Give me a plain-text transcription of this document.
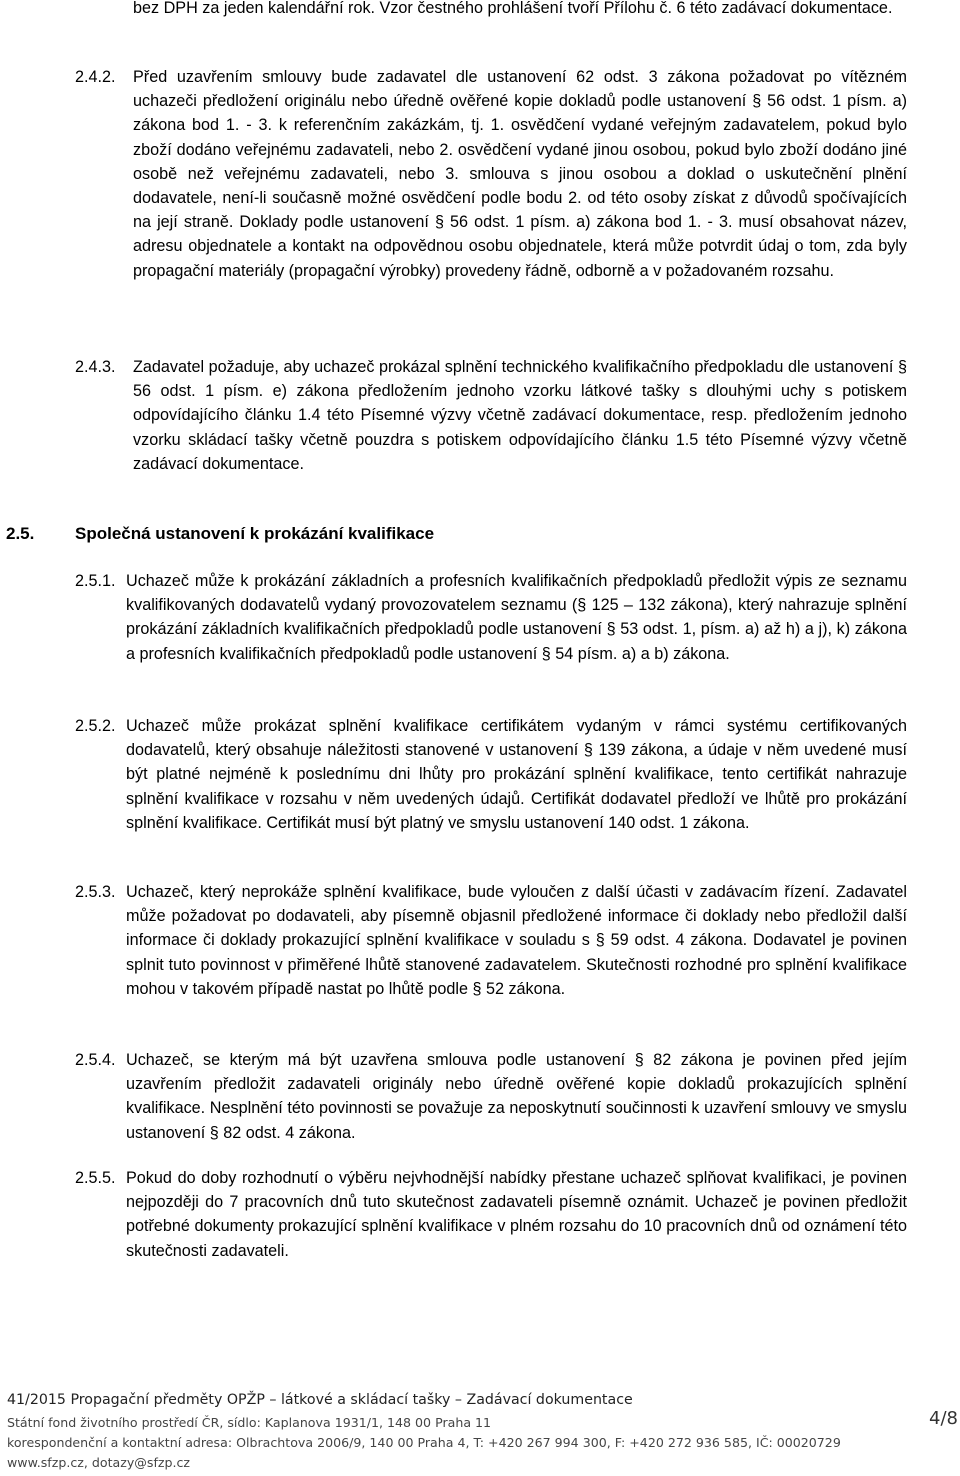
bez DPH za jeden kalendářní rok. Vzor čestného prohlášení tvoří Přílohu č. 6 této zadávací dokumentace.
2.4.2. Před uzavřením smlouvy bude zadavatel dle ustanovení 62 odst. 3 zákona požadovat po vítězném uchazeči předložení originálu nebo úředně ověřené kopie dokladů podle ustanovení § 56 odst. 1 písm. a) zákona bod 1. - 3. k referenčním zakázkám, tj. 1. osvědčení vydané veřejným zadavatelem, pokud bylo zboží dodáno veřejnému zadavateli, nebo 2. osvědčení vydané jinou osobou, pokud bylo zboží dodáno jiné osobě než veřejnému zadavateli, nebo 3. smlouva s jinou osobou a doklad o uskutečnění plnění dodavatele, není-li současně možné osvědčení podle bodu 2. od této osoby získat z důvodů spočívajících na její straně. Doklady podle ustanovení § 56 odst. 1 písm. a) zákona bod 1. - 3. musí obsahovat název, adresu objednatele a kontakt na odpovědnou osobu objednatele, která může potvrdit údaj o tom, zda byly propagační materiály (propagační výrobky) provedeny řádně, odborně a v požadovaném rozsahu.
2.4.3. Zadavatel požaduje, aby uchazeč prokázal splnění technického kvalifikačního předpokladu dle ustanovení § 56 odst. 1 písm. e) zákona předložením jednoho vzorku látkové tašky s dlouhými uchy s potiskem odpovídajícího článku 1.4 této Písemné výzvy včetně zadávací dokumentace, resp. předložením jednoho vzorku skládací tašky včetně pouzdra s potiskem odpovídajícího článku 1.5 této Písemné výzvy včetně zadávací dokumentace.
2.5. Společná ustanovení k prokázání kvalifikace
2.5.1. Uchazeč může k prokázání základních a profesních kvalifikačních předpokladů předložit výpis ze seznamu kvalifikovaných dodavatelů vydaný provozovatelem seznamu (§ 125 – 132 zákona), který nahrazuje splnění prokázání základních kvalifikačních předpokladů podle ustanovení § 53 odst. 1, písm. a) až h) a j), k) zákona a profesních kvalifikačních předpokladů podle ustanovení § 54 písm. a) a b) zákona.
2.5.2. Uchazeč může prokázat splnění kvalifikace certifikátem vydaným v rámci systému certifikovaných dodavatelů, který obsahuje náležitosti stanovené v ustanovení § 139 zákona, a údaje v něm uvedené musí být platné nejméně k poslednímu dni lhůty pro prokázání splnění kvalifikace, tento certifikát nahrazuje splnění kvalifikace v rozsahu v něm uvedených údajů. Certifikát dodavatel předloží ve lhůtě pro prokázání splnění kvalifikace. Certifikát musí být platný ve smyslu ustanovení 140 odst. 1 zákona.
2.5.3. Uchazeč, který neprokáže splnění kvalifikace, bude vyloučen z další účasti v zadávacím řízení. Zadavatel může požadovat po dodavateli, aby písemně objasnil předložené informace či doklady nebo předložil další informace či doklady prokazující splnění kvalifikace v souladu s § 59 odst. 4 zákona. Dodavatel je povinen splnit tuto povinnost v přiměřené lhůtě stanovené zadavatelem. Skutečnosti rozhodné pro splnění kvalifikace mohou v takovém případě nastat po lhůtě podle § 52 zákona.
2.5.4. Uchazeč, se kterým má být uzavřena smlouva podle ustanovení § 82 zákona je povinen před jejím uzavřením předložit zadavateli originály nebo úředně ověřené kopie dokladů prokazujících splnění kvalifikace. Nesplnění této povinnosti se považuje za neposkytnutí součinnosti k uzavření smlouvy ve smyslu ustanovení § 82 odst. 4 zákona.
2.5.5. Pokud do doby rozhodnutí o výběru nejvhodnější nabídky přestane uchazeč splňovat kvalifikaci, je povinen nejpozději do 7 pracovních dnů tuto skutečnost zadavateli písemně oznámit. Uchazeč je povinen předložit potřebné dokumenty prokazující splnění kvalifikace v plném rozsahu do 10 pracovních dnů od oznámení této skutečnosti zadavateli.
41/2015 Propagační předměty OPŽP – látkové a skládací tašky – Zadávací dokumentace
Státní fond životního prostředí ČR, sídlo: Kaplanova 1931/1, 148 00 Praha 11
korespondenční a kontaktní adresa: Olbrachtova 2006/9, 140 00 Praha 4, T: +420 267 994 300, F: +420 272 936 585, IČ: 00020729
www.sfzp.cz, dotazy@sfzp.cz
4/8
